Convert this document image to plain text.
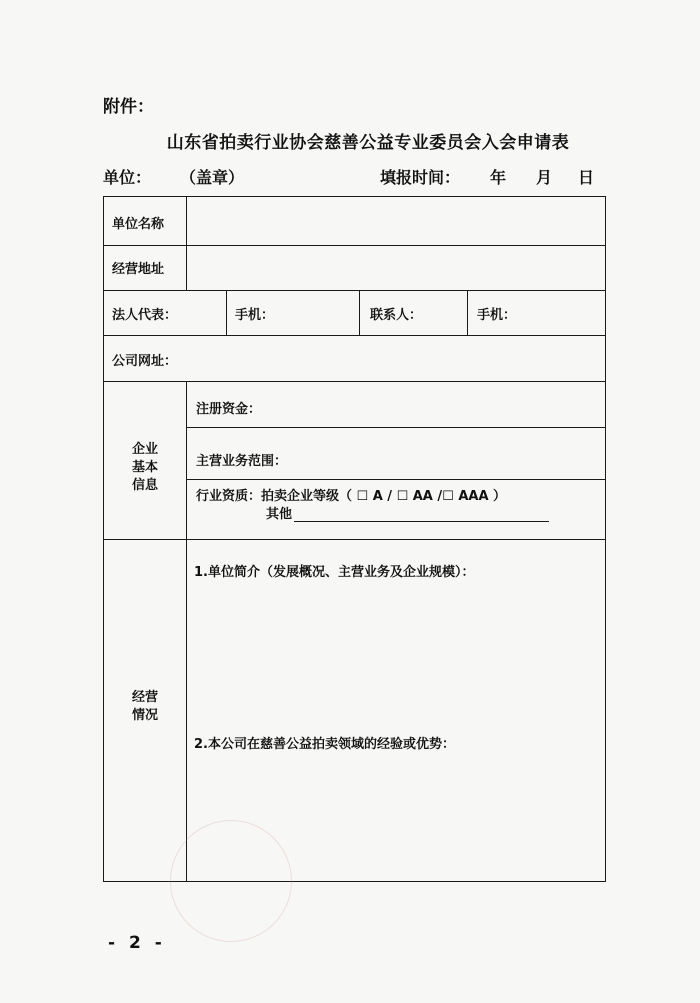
附件：
山东省拍卖行业协会慈善公益专业委员会入会申请表
单位： （盖章）	填报时间： 年 月 日
单位名称
经营地址
法人代表：	手机：	联系人：	手机：
公司网址：
企业
基本
信息
注册资金：
主营业务范围：
行业资质：拍卖企业等级（ ☐ A / ☐ AA /☐ AAA ）
其他
经营
情况
1.单位简介（发展概况、主营业务及企业规模）：
2.本公司在慈善公益拍卖领域的经验或优势：
- 2 -
